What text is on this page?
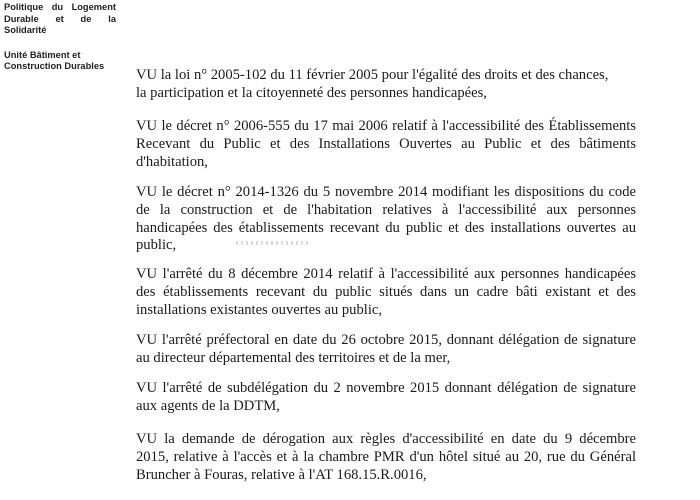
Politique du Logement
Durable et de la
Solidarité
Unité Bâtiment et
Construction Durables
VU la loi n° 2005-102 du 11 février 2005 pour l'égalité des droits et des chances,
la participation et la citoyenneté des personnes handicapées,
VU le décret n° 2006-555 du 17 mai 2006 relatif à l'accessibilité des Établissements
Recevant du Public et des Installations Ouvertes au Public et des bâtiments
d'habitation,
VU le décret n° 2014-1326 du 5 novembre 2014 modifiant les dispositions du code
de la construction et de l'habitation relatives à l'accessibilité aux personnes
handicapées des établissements recevant du public et des installations ouvertes au
public,
VU l'arrêté du 8 décembre 2014 relatif à l'accessibilité aux personnes handicapées
des établissements recevant du public situés dans un cadre bâti existant et des
installations existantes ouvertes au public,
VU l'arrêté préfectoral en date du 26 octobre 2015, donnant délégation de signature
au directeur départemental des territoires et de la mer,
VU l'arrêté de subdélégation du 2 novembre 2015 donnant délégation de signature
aux agents de la DDTM,
VU la demande de dérogation aux règles d'accessibilité en date du 9 décembre
2015, relative à l'accès et à la chambre PMR d'un hôtel situé au 20, rue du Général
Bruncher à Fouras, relative à l'AT 168.15.R.0016,
